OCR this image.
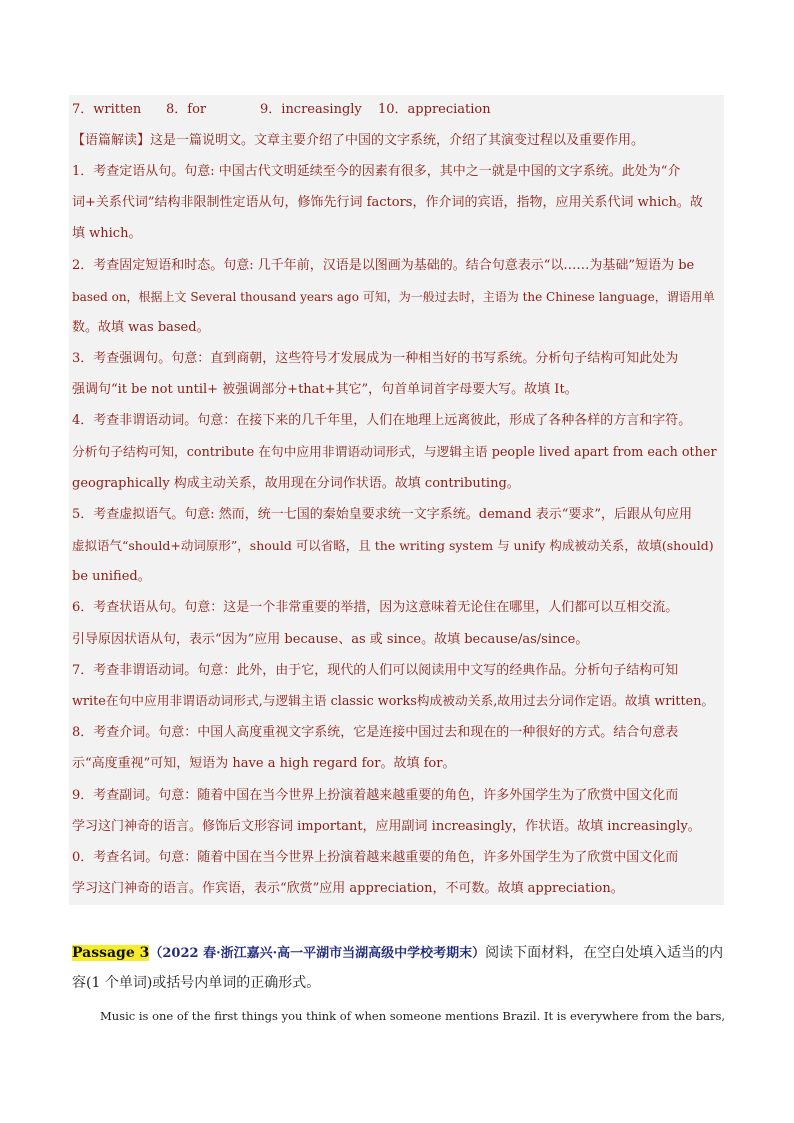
7．written 8．for	9．increasingly 10．appreciation
【语篇解读】这是一篇说明文。文章主要介绍了中国的文字系统，介绍了其演变过程以及重要作用。
1．考查定语从句。句意: 中国古代文明延续至今的因素有很多，其中之一就是中国的文字系统。此处为“介
词+关系代词”结构非限制性定语从句，修饰先行词 factors，作介词的宾语，指物，应用关系代词 which。故
填 which。
2．考查固定短语和时态。句意: 几千年前，汉语是以图画为基础的。结合句意表示“以……为基础”短语为 be
based on，根据上文 Several thousand years ago 可知，为一般过去时，主语为 the Chinese language，谓语用单
数。故填 was based。
3．考查强调句。句意：直到商朝，这些符号才发展成为一种相当好的书写系统。分析句子结构可知此处为
强调句“it be not until+ 被强调部分+that+其它”，句首单词首字母要大写。故填 It。
4．考查非谓语动词。句意：在接下来的几千年里，人们在地理上远离彼此，形成了各种各样的方言和字符。
分析句子结构可知，contribute 在句中应用非谓语动词形式，与逻辑主语 people lived apart from each other
geographically 构成主动关系，故用现在分词作状语。故填 contributing。
5．考查虚拟语气。句意: 然而，统一七国的秦始皇要求统一文字系统。demand 表示“要求”，后跟从句应用
虚拟语气“should+动词原形”，should 可以省略，且 the writing system 与 unify 构成被动关系，故填(should)
be unified。
6．考查状语从句。句意：这是一个非常重要的举措，因为这意味着无论住在哪里，人们都可以互相交流。
引导原因状语从句，表示“因为”应用 because、as 或 since。故填 because/as/since。
7．考查非谓语动词。句意：此外，由于它，现代的人们可以阅读用中文写的经典作品。分析句子结构可知
write在句中应用非谓语动词形式,与逻辑主语 classic works构成被动关系,故用过去分词作定语。故填 written。
8．考查介词。句意：中国人高度重视文字系统，它是连接中国过去和现在的一种很好的方式。结合句意表
示“高度重视”可知，短语为 have a high regard for。故填 for。
9．考查副词。句意：随着中国在当今世界上扮演着越来越重要的角色，许多外国学生为了欣赏中国文化而
学习这门神奇的语言。修饰后文形容词 important，应用副词 increasingly，作状语。故填 increasingly。
0．考查名词。句意：随着中国在当今世界上扮演着越来越重要的角色，许多外国学生为了欣赏中国文化而
学习这门神奇的语言。作宾语，表示“欣赏”应用 appreciation，不可数。故填 appreciation。
Passage 3（2022 春·浙江嘉兴·高一平湖市当湖高级中学校考期末）阅读下面材料，在空白处填入适当的内
容(1 个单词)或括号内单词的正确形式。
Music is one of the first things you think of when someone mentions Brazil. It is everywhere from the bars,
